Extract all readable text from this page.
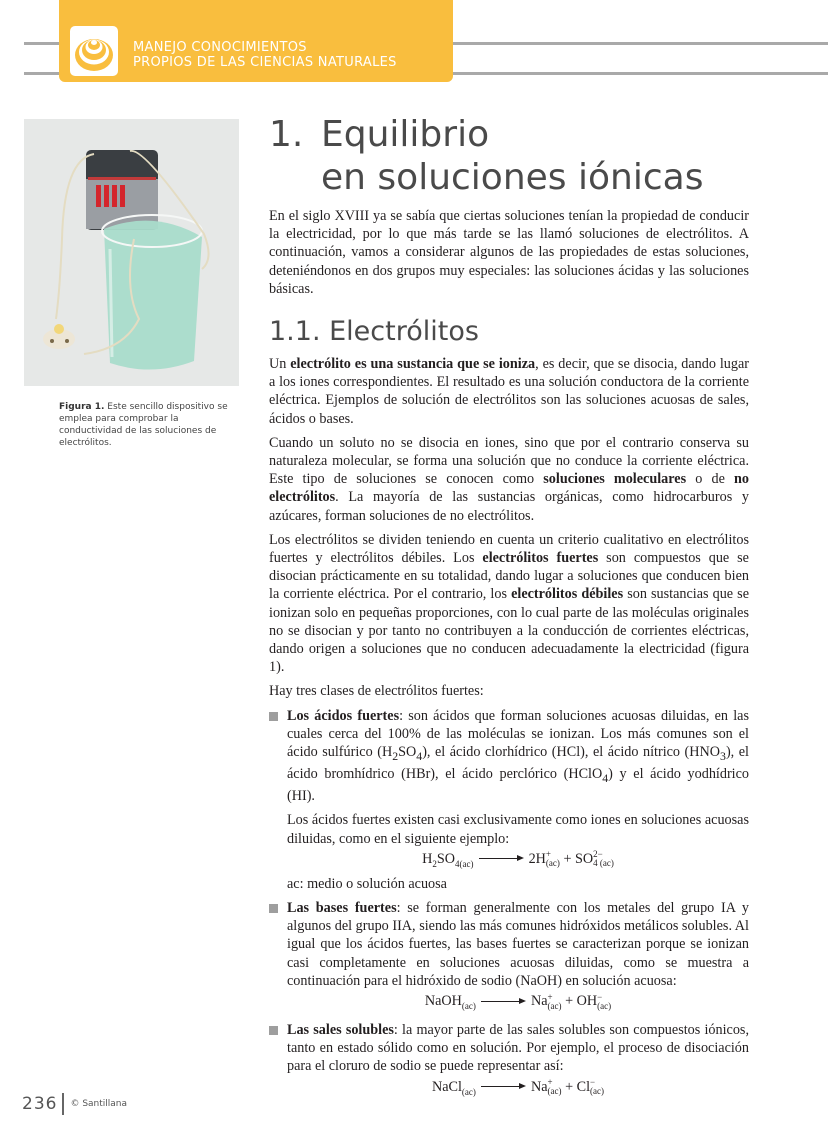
MANEJO CONOCIMIENTOS
PROPIOS DE LAS CIENCIAS NATURALES
Figura 1. Este sencillo dispositivo se emplea para comprobar la conductividad de las soluciones de electrólitos.
1. Equilibrio
en soluciones iónicas

En el siglo XVIII ya se sabía que ciertas soluciones tenían la propiedad de conducir la electricidad, por lo que más tarde se las llamó soluciones de electrólitos. A continuación, vamos a considerar algunos de las propiedades de estas soluciones, deteniéndonos en dos grupos muy especiales: las soluciones ácidas y las soluciones básicas.

1.1. Electrólitos

Un electrólito es una sustancia que se ioniza, es decir, que se disocia, dando lugar a los iones correspondientes. El resultado es una solución conductora de la corriente eléctrica. Ejemplos de solución de electrólitos son las soluciones acuosas de sales, ácidos o bases.

Cuando un soluto no se disocia en iones, sino que por el contrario conserva su naturaleza molecular, se forma una solución que no conduce la corriente eléctrica. Este tipo de soluciones se conocen como soluciones moleculares o de no electrólitos. La mayoría de las sustancias orgánicas, como hidrocarburos y azúcares, forman soluciones de no electrólitos.

Los electrólitos se dividen teniendo en cuenta un criterio cualitativo en electrólitos fuertes y electrólitos débiles. Los electrólitos fuertes son compuestos que se disocian prácticamente en su totalidad, dando lugar a soluciones que conducen bien la corriente eléctrica. Por el contrario, los electrólitos débiles son sustancias que se ionizan solo en pequeñas proporciones, con lo cual parte de las moléculas originales no se disocian y por tanto no contribuyen a la conducción de corrientes eléctricas, dando origen a soluciones que no conducen adecuadamente la electricidad (figura 1).

Hay tres clases de electrólitos fuertes:

Los ácidos fuertes: son ácidos que forman soluciones acuosas diluidas, en las cuales cerca del 100% de las moléculas se ionizan. Los más comunes son el ácido sulfúrico $(H_2SO_4)$, el ácido clorhídrico (HCl), el ácido nítrico $(HNO_3)$, el ácido bromhídrico (HBr), el ácido perclórico (HClO$_4$) y el ácido yodhídrico (HI).

Los ácidos fuertes existen casi exclusivamente como iones en soluciones acuosas diluidas, como en el siguiente ejemplo:

$H_2SO_{4(ac)}$	2H +
(ac) + SO 2−
4 (ac)
ac: medio o solución acuosa
Las bases fuertes: se forman generalmente con los metales del grupo IA y algunos del grupo IIA, siendo las más comunes hidróxidos metálicos solubles. Al igual que los ácidos fuertes, las bases fuertes se caracterizan porque se ionizan casi completamente en soluciones acuosas diluidas, como se muestra a continuación para el hidróxido de sodio (NaOH) en solución acuosa:
NaOH$_{(ac)}$	Na +
(ac) + OH −
(ac)
Las sales solubles: la mayor parte de las sales solubles son compuestos iónicos, tanto en estado sólido como en solución. Por ejemplo, el proceso de disociación para el cloruro de sodio se puede representar así:
NaCl$_{(ac)}$	Na +
(ac) + Cl −
(ac)
236 © Santillana
